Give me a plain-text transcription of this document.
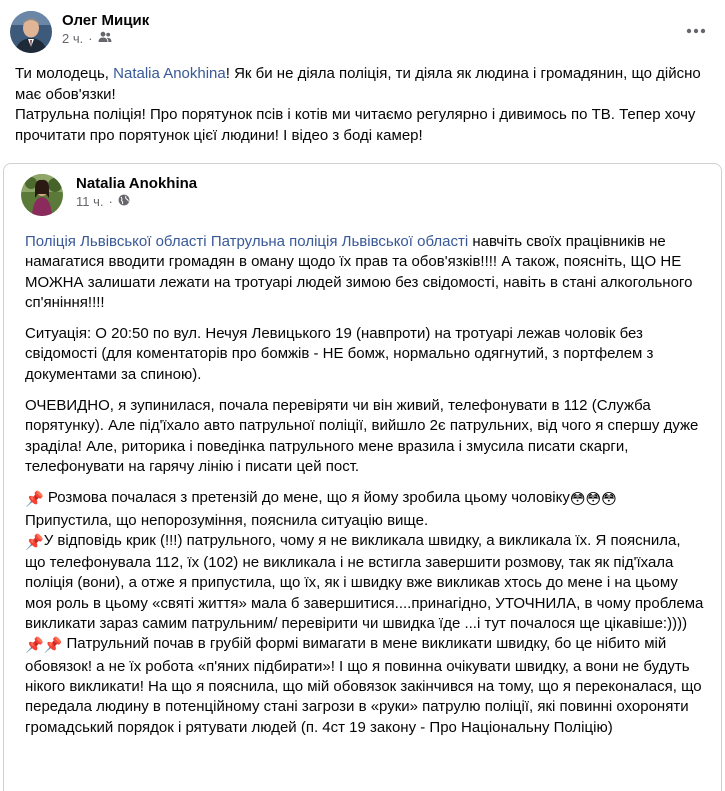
Олег Мицик
2 ч. ·

Ти молодець, Natalia Anokhina! Як би не діяла поліція, ти діяла як людина і громадянин, що дійсно має обов'язки!

Патрульна поліція! Про порятунок псів і котів ми читаємо регулярно і дивимось по ТВ. Тепер хочу прочитати про порятунок цієї людини! І відео з боді камер!

Natalia Anokhina
11 ч. ·
Поліція Львівської області Патрульна поліція Львівської області навчіть своїх працівників не намагатися вводити громадян в оману щодо їх прав та обов'язків!!!! А також, поясніть, ЩО НЕ МОЖНА залишати лежати на тротуарі людей зимою без свідомості, навіть в стані алкогольного сп'яніння!!!!
Ситуація: О 20:50 по вул. Нечуя Левицького 19 (навпроти) на тротуарі лежав чоловік без свідомості (для коментаторів про бомжів - НЕ бомж, нормально одягнутий, з портфелем з документами за спиною).
ОЧЕВИДНО, я зупинилася, почала перевіряти чи він живий, телефонувати в 112 (Служба порятунку). Але під'їхало авто патрульної поліції, вийшло 2є патрульних, від чого я спершу дуже зраділа! Але, риторика і поведінка патрульного мене вразила і змусила писати скарги, телефонувати на гарячу лінію і писати цей пост.
📌 Розмова почалася з претензій до мене, що я йому зробила цьому чоловіку😳😳😳
Припустила, що непорозуміння, пояснила ситуацію вище.
📌У відповідь крик (!!!) патрульного, чому я не викликала швидку, а викликала їх. Я пояснила, що телефонувала 112, їх (102) не викликала і не встигла завершити розмову, так як під'їхала поліція (вони), а отже я припустила, що їх, як і швидку вже викликав хтось до мене і на цьому моя роль в цьому «святі життя» мала б завершитися....принагідно, УТОЧНИЛА, в чому проблема викликати зараз самим патрульним/ перевірити чи швидка їде ...і тут почалося ще цікавіше:))))
📌📌 Патрульний почав в грубій формі вимагати в мене викликати швидку, бо це нібито мій обовязок! а не їх робота «п'яних підбирати»! І що я повинна очікувати швидку, а вони не будуть нікого викликати! На що я пояснила, що мій обовязок закінчився на тому, що я переконалася, що передала людину в потенційному стані загрози в «руки» патрулю поліції, які повинні охороняти громадський порядок і рятувати людей (п. 4ст 19 закону - Про Національну Поліцію)
